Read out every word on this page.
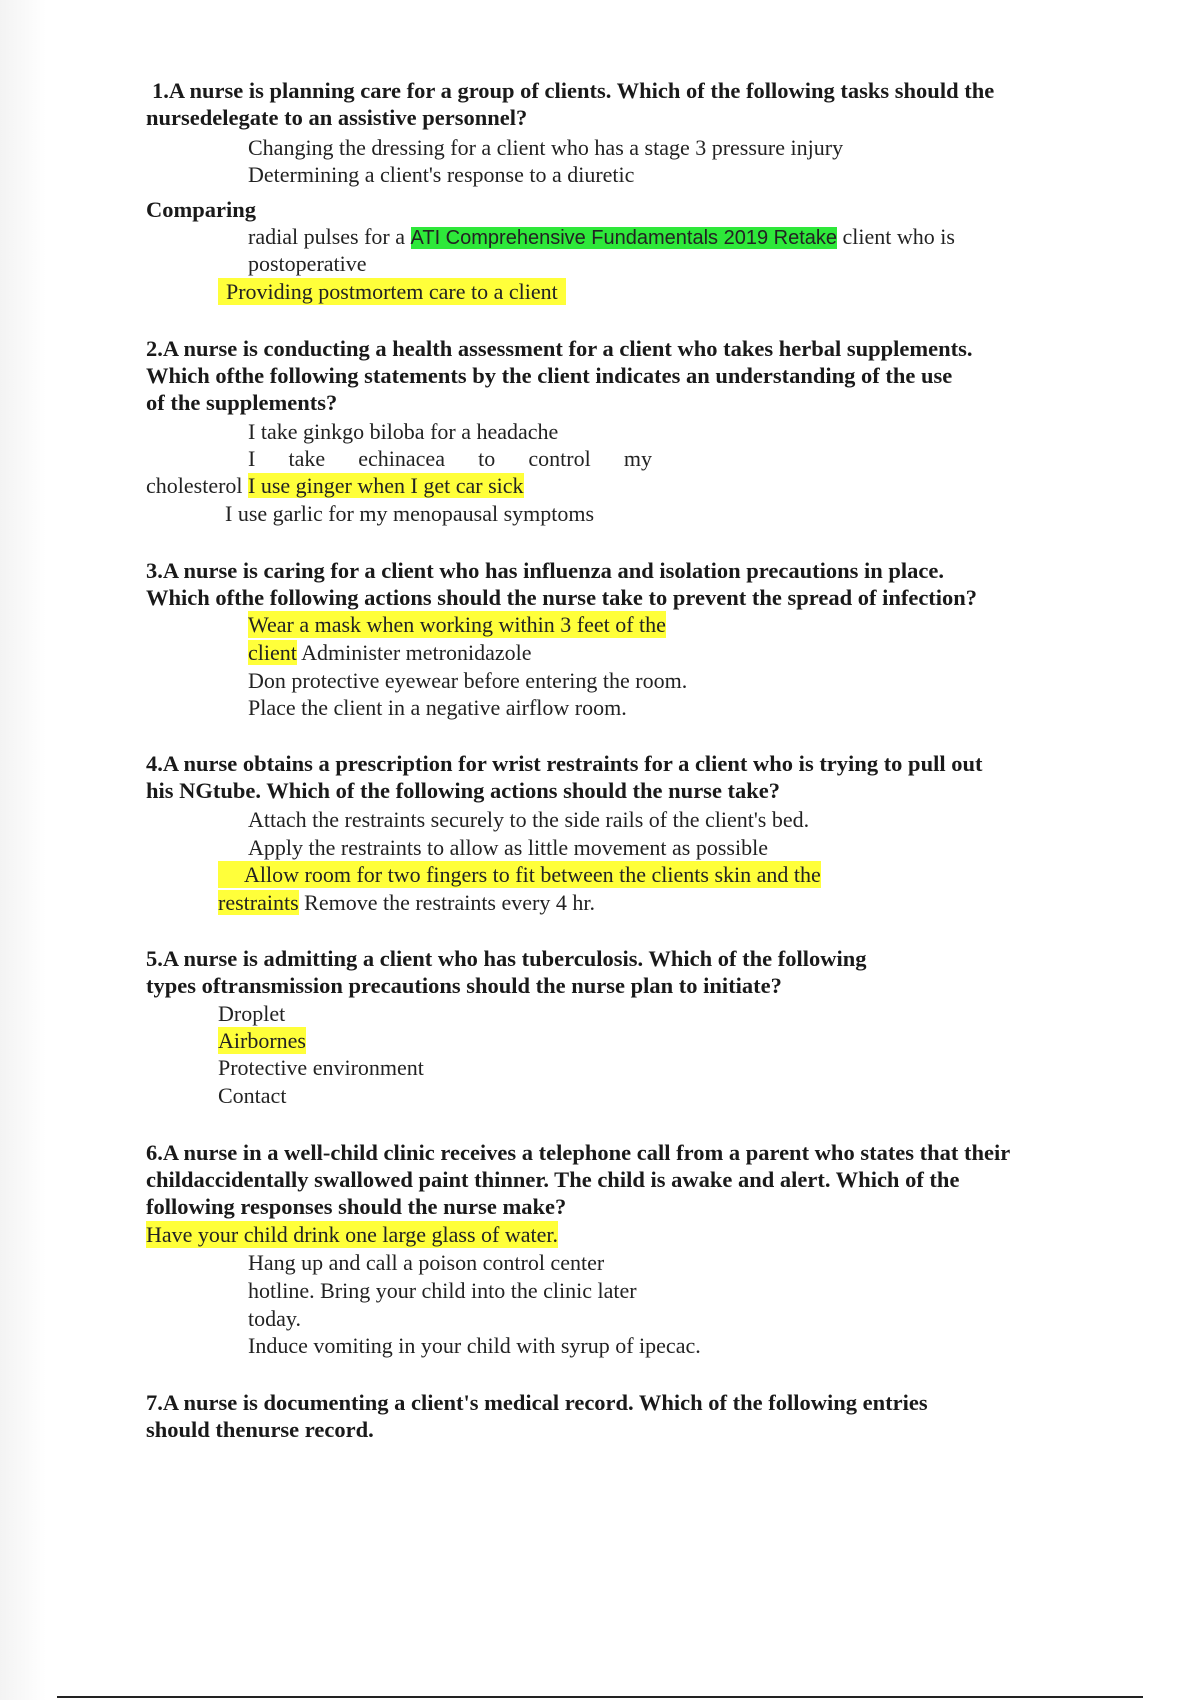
1.A nurse is planning care for a group of clients. Which of the following tasks should the
nursedelegate to an assistive personnel?
Changing the dressing for a client who has a stage 3 pressure injury
Determining a client's response to a diuretic
Comparing
radial pulses for a ATI Comprehensive Fundamentals 2019 Retake client who is
postoperative
Providing postmortem care to a client
2.A nurse is conducting a health assessment for a client who takes herbal supplements.
Which ofthe following statements by the client indicates an understanding of the use
of the supplements?
I take ginkgo biloba for a headache
I take echinacea to control my
cholesterol I use ginger when I get car sick
I use garlic for my menopausal symptoms
3.A nurse is caring for a client who has influenza and isolation precautions in place.
Which ofthe following actions should the nurse take to prevent the spread of infection?
Wear a mask when working within 3 feet of the
client Administer metronidazole
Don protective eyewear before entering the room.
Place the client in a negative airflow room.
4.A nurse obtains a prescription for wrist restraints for a client who is trying to pull out
his NGtube. Which of the following actions should the nurse take?
Attach the restraints securely to the side rails of the client's bed.
Apply the restraints to allow as little movement as possible
Allow room for two fingers to fit between the clients skin and the
restraints Remove the restraints every 4 hr.
5.A nurse is admitting a client who has tuberculosis. Which of the following
types oftransmission precautions should the nurse plan to initiate?
Droplet
Airbornes
Protective environment
Contact
6.A nurse in a well-child clinic receives a telephone call from a parent who states that their
childaccidentally swallowed paint thinner. The child is awake and alert. Which of the
following responses should the nurse make?
Have your child drink one large glass of water.
Hang up and call a poison control center
hotline. Bring your child into the clinic later
today.
Induce vomiting in your child with syrup of ipecac.
7.A nurse is documenting a client's medical record. Which of the following entries
should thenurse record.
